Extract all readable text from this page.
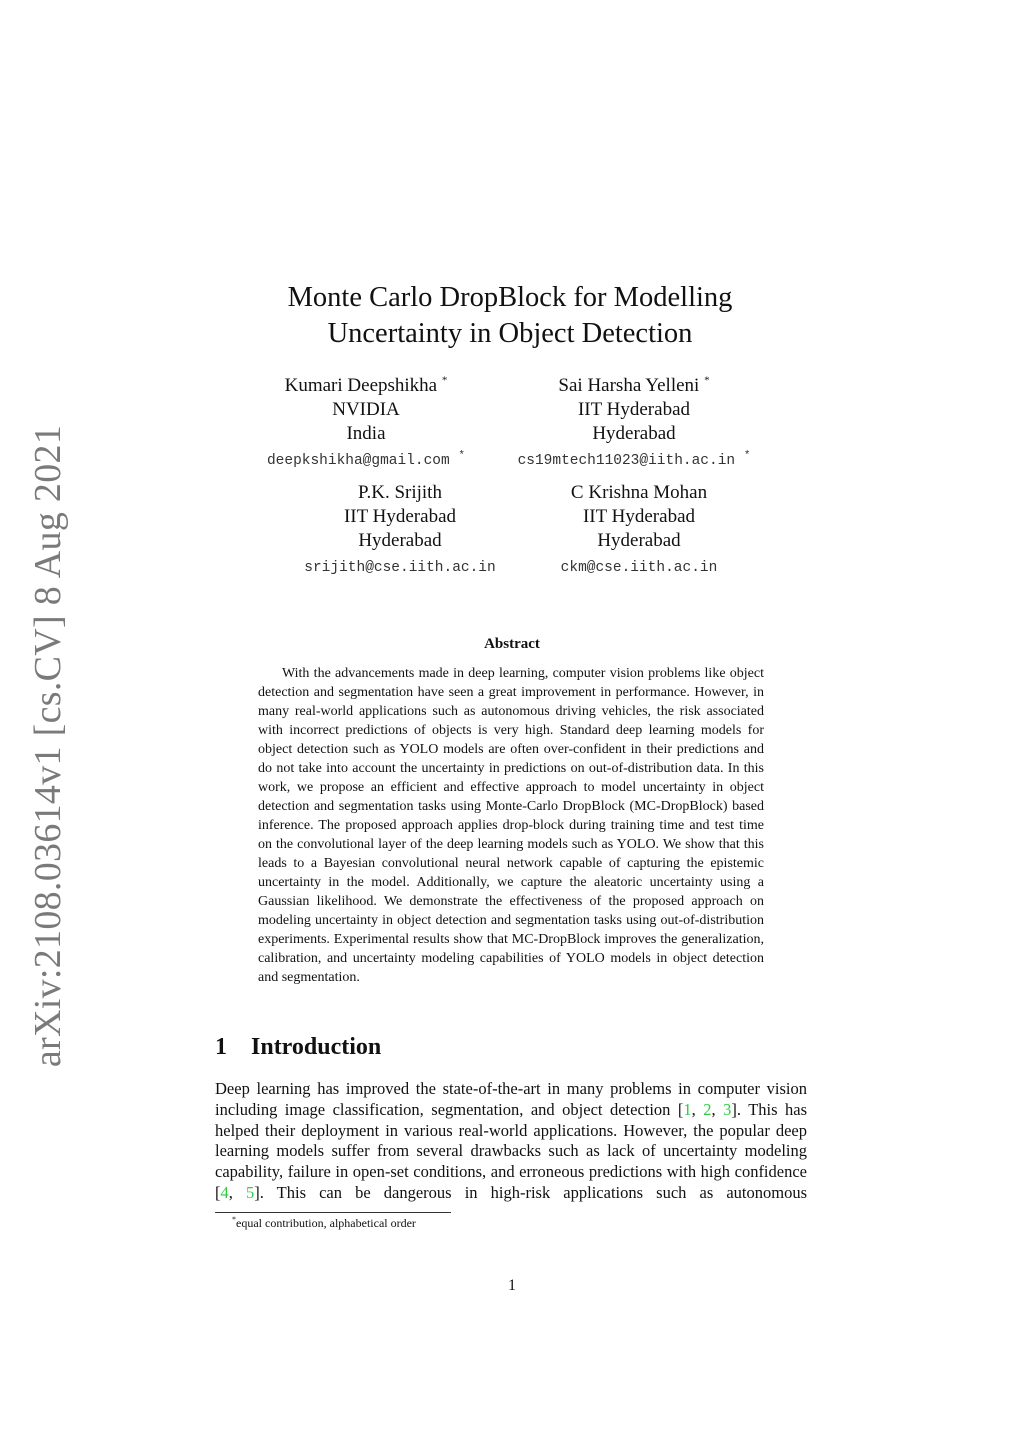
arXiv:2108.03614v1 [cs.CV] 8 Aug 2021
Monte Carlo DropBlock for Modelling
Uncertainty in Object Detection
Kumari Deepshikha *
NVIDIA
India
deepkshikha@gmail.com *
Sai Harsha Yelleni *
IIT Hyderabad
Hyderabad
cs19mtech11023@iith.ac.in *
P.K. Srijith
IIT Hyderabad
Hyderabad
srijith@cse.iith.ac.in
C Krishna Mohan
IIT Hyderabad
Hyderabad
ckm@cse.iith.ac.in
Abstract

With the advancements made in deep learning, computer vision problems like object detection and segmentation have seen a great improvement in performance. However, in many real-world applications such as autonomous driving vehicles, the risk associated with incorrect predictions of objects is very high. Standard deep learning models for object detection such as YOLO models are often over-confident in their predictions and do not take into account the uncertainty in predictions on out-of-distribution data. In this work, we propose an efficient and effective approach to model uncertainty in object detection and segmentation tasks using Monte-Carlo DropBlock (MC-DropBlock) based inference. The proposed approach applies drop-block during training time and test time on the convolutional layer of the deep learning models such as YOLO. We show that this leads to a Bayesian convolutional neural network capable of capturing the epistemic uncertainty in the model. Additionally, we capture the aleatoric uncertainty using a Gaussian likelihood. We demonstrate the effectiveness of the proposed approach on modeling uncertainty in object detection and segmentation tasks using out-of-distribution experiments. Experimental results show that MC-DropBlock improves the generalization, calibration, and uncertainty modeling capabilities of YOLO models in object detection and segmentation.

1 Introduction

Deep learning has improved the state-of-the-art in many problems in computer vision including image classification, segmentation, and object detection [1, 2, 3]. This has helped their deployment in various real-world applications. However, the popular deep learning models suffer from several drawbacks such as lack of uncertainty modeling capability, failure in open-set conditions, and erroneous predictions with high confidence [4, 5]. This can be dangerous in high-risk applications such as autonomous

*equal contribution, alphabetical order
1
